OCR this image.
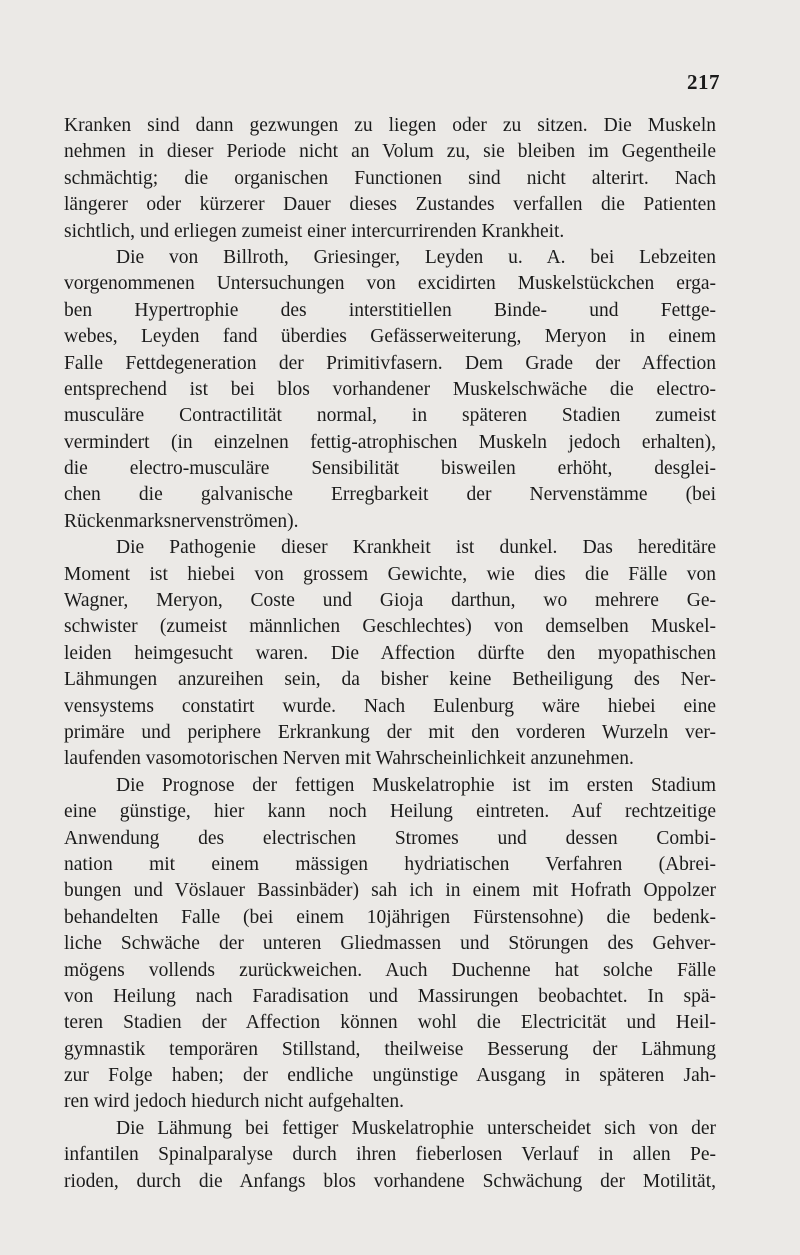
217
Kranken sind dann gezwungen zu liegen oder zu sitzen. Die Muskeln
nehmen in dieser Periode nicht an Volum zu, sie bleiben im Gegentheile
schmächtig; die organischen Functionen sind nicht alterirt. Nach
längerer oder kürzerer Dauer dieses Zustandes verfallen die Patienten
sichtlich, und erliegen zumeist einer intercurrirenden Krankheit.
Die von Billroth, Griesinger, Leyden u. A. bei Lebzeiten
vorgenommenen Untersuchungen von excidirten Muskelstückchen erga-
ben Hypertrophie des interstitiellen Binde- und Fettge-
webes, Leyden fand überdies Gefässerweiterung, Meryon in einem
Falle Fettdegeneration der Primitivfasern. Dem Grade der Affection
entsprechend ist bei blos vorhandener Muskelschwäche die electro-
musculäre Contractilität normal, in späteren Stadien zumeist
vermindert (in einzelnen fettig-atrophischen Muskeln jedoch erhalten),
die electro-musculäre Sensibilität bisweilen erhöht, desglei-
chen die galvanische Erregbarkeit der Nervenstämme (bei
Rückenmarksnervenströmen).
Die Pathogenie dieser Krankheit ist dunkel. Das hereditäre
Moment ist hiebei von grossem Gewichte, wie dies die Fälle von
Wagner, Meryon, Coste und Gioja darthun, wo mehrere Ge-
schwister (zumeist männlichen Geschlechtes) von demselben Muskel-
leiden heimgesucht waren. Die Affection dürfte den myopathischen
Lähmungen anzureihen sein, da bisher keine Betheiligung des Ner-
vensystems constatirt wurde. Nach Eulenburg wäre hiebei eine
primäre und periphere Erkrankung der mit den vorderen Wurzeln ver-
laufenden vasomotorischen Nerven mit Wahrscheinlichkeit anzunehmen.
Die Prognose der fettigen Muskelatrophie ist im ersten Stadium
eine günstige, hier kann noch Heilung eintreten. Auf rechtzeitige
Anwendung des electrischen Stromes und dessen Combi-
nation mit einem mässigen hydriatischen Verfahren (Abrei-
bungen und Vöslauer Bassinbäder) sah ich in einem mit Hofrath Oppolzer
behandelten Falle (bei einem 10jährigen Fürstensohne) die bedenk-
liche Schwäche der unteren Gliedmassen und Störungen des Gehver-
mögens vollends zurückweichen. Auch Duchenne hat solche Fälle
von Heilung nach Faradisation und Massirungen beobachtet. In spä-
teren Stadien der Affection können wohl die Electricität und Heil-
gymnastik temporären Stillstand, theilweise Besserung der Lähmung
zur Folge haben; der endliche ungünstige Ausgang in späteren Jah-
ren wird jedoch hiedurch nicht aufgehalten.
Die Lähmung bei fettiger Muskelatrophie unterscheidet sich von der
infantilen Spinalparalyse durch ihren fieberlosen Verlauf in allen Pe-
rioden, durch die Anfangs blos vorhandene Schwächung der Motilität,
